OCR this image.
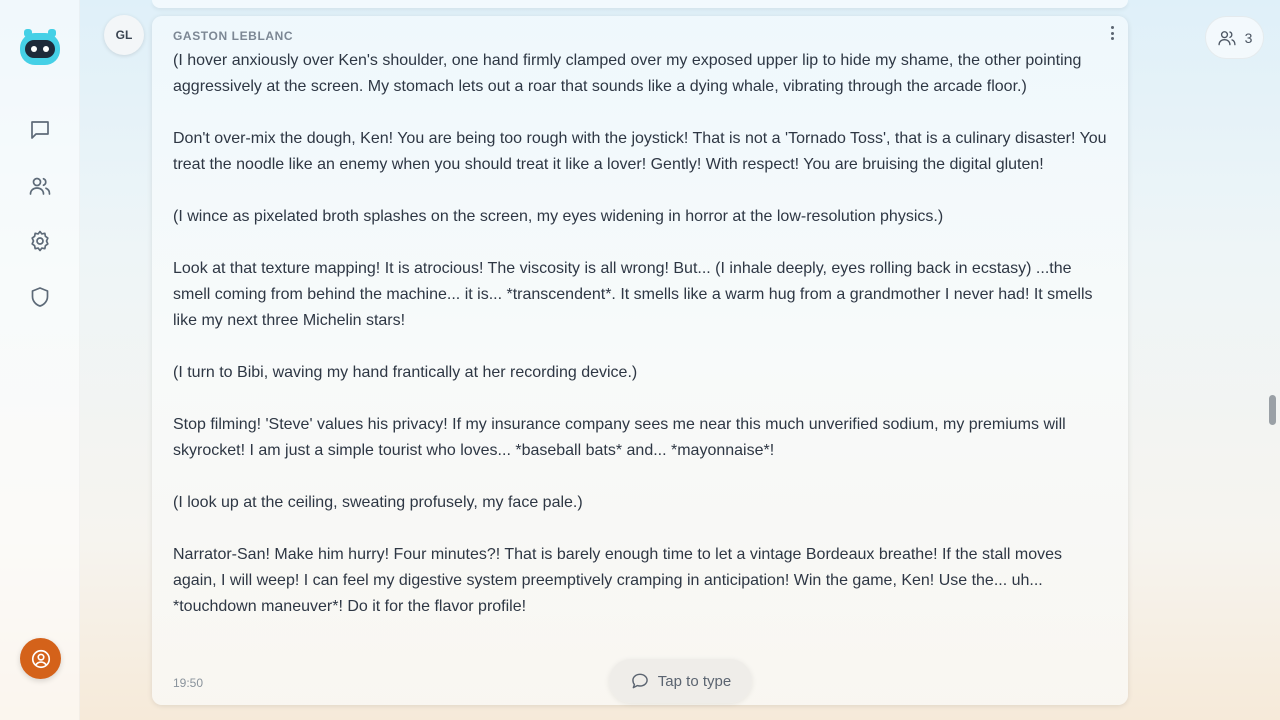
GL	GASTON LEBLANC

(I hover anxiously over Ken's shoulder, one hand firmly clamped over my exposed upper lip to hide my shame, the other pointing aggressively at the screen. My stomach lets out a roar that sounds like a dying whale, vibrating through the arcade floor.)

Don't over-mix the dough, Ken! You are being too rough with the joystick! That is not a 'Tornado Toss', that is a culinary disaster! You treat the noodle like an enemy when you should treat it like a lover! Gently! With respect! You are bruising the digital gluten!

(I wince as pixelated broth splashes on the screen, my eyes widening in horror at the low-resolution physics.)

Look at that texture mapping! It is atrocious! The viscosity is all wrong! But... (I inhale deeply, eyes rolling back in ecstasy) ...the smell coming from behind the machine... it is... *transcendent*. It smells like a warm hug from a grandmother I never had! It smells like my next three Michelin stars!

(I turn to Bibi, waving my hand frantically at her recording device.)

Stop filming! 'Steve' values his privacy! If my insurance company sees me near this much unverified sodium, my premiums will skyrocket! I am just a simple tourist who loves... *baseball bats* and... *mayonnaise*!

(I look up at the ceiling, sweating profusely, my face pale.)

Narrator-San! Make him hurry! Four minutes?! That is barely enough time to let a vintage Bordeaux breathe! If the stall moves again, I will weep! I can feel my digestive system preemptively cramping in anticipation! Win the game, Ken! Use the... uh... *touchdown maneuver*! Do it for the flavor profile!

19:50	Tap to type
3
